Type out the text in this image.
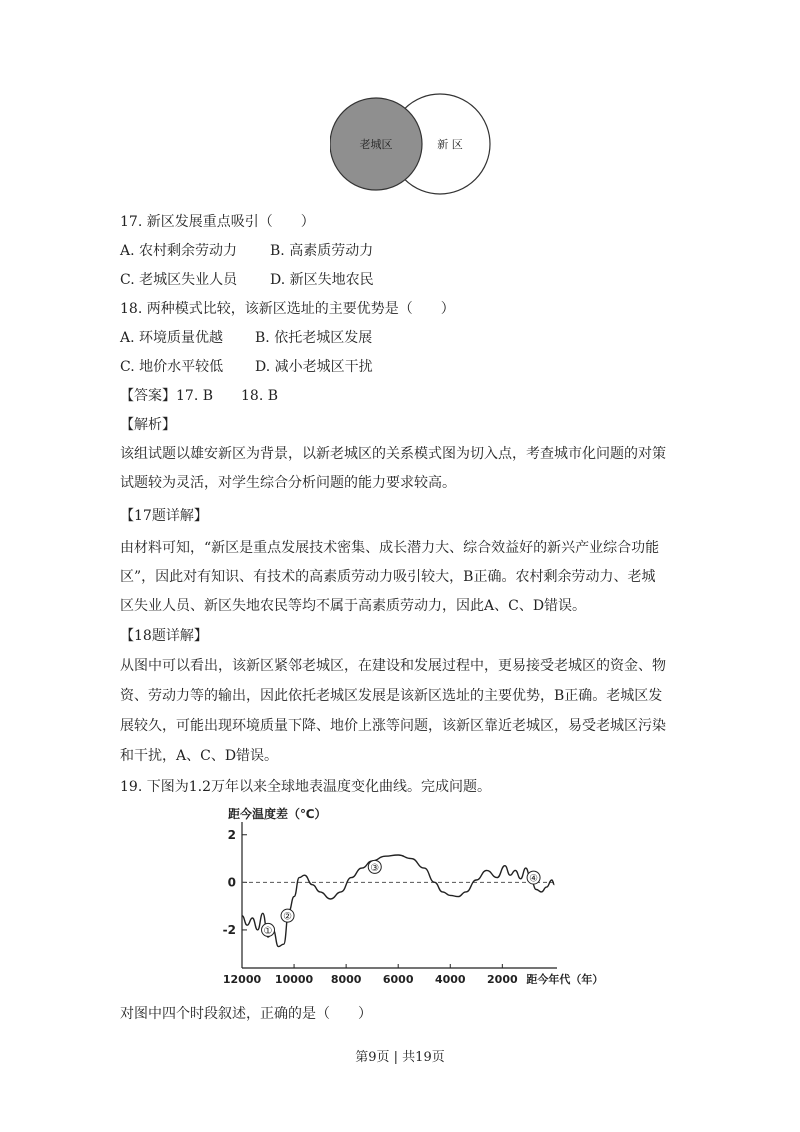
老城区	新 区
17. 新区发展重点吸引（　　）
A. 农村剩余劳动力 B. 高素质劳动力
C. 老城区失业人员 D. 新区失地农民
18. 两种模式比较，该新区选址的主要优势是（　　）
A. 环境质量优越 B. 依托老城区发展
C. 地价水平较低 D. 减小老城区干扰
【答案】17. B　　18. B
【解析】
该组试题以雄安新区为背景，以新老城区的关系模式图为切入点，考查城市化问题的对策
试题较为灵活，对学生综合分析问题的能力要求较高。
【17题详解】
由材料可知，“新区是重点发展技术密集、成长潜力大、综合效益好的新兴产业综合功能
区”，因此对有知识、有技术的高素质劳动力吸引较大，B正确。农村剩余劳动力、老城
区失业人员、新区失地农民等均不属于高素质劳动力，因此A、C、D错误。
【18题详解】
从图中可以看出，该新区紧邻老城区，在建设和发展过程中，更易接受老城区的资金、物
资、劳动力等的输出，因此依托老城区发展是该新区选址的主要优势，B正确。老城区发
展较久，可能出现环境质量下降、地价上涨等问题，该新区靠近老城区，易受老城区污染
和干扰，A、C、D错误。
19. 下图为1.2万年以来全球地表温度变化曲线。完成问题。
距今温度差（℃）
2
0
-2
12000 10000 8000 6000 4000 2000 距今年代（年）
①
②
③
④
对图中四个时段叙述，正确的是（　　）
第9页 | 共19页
